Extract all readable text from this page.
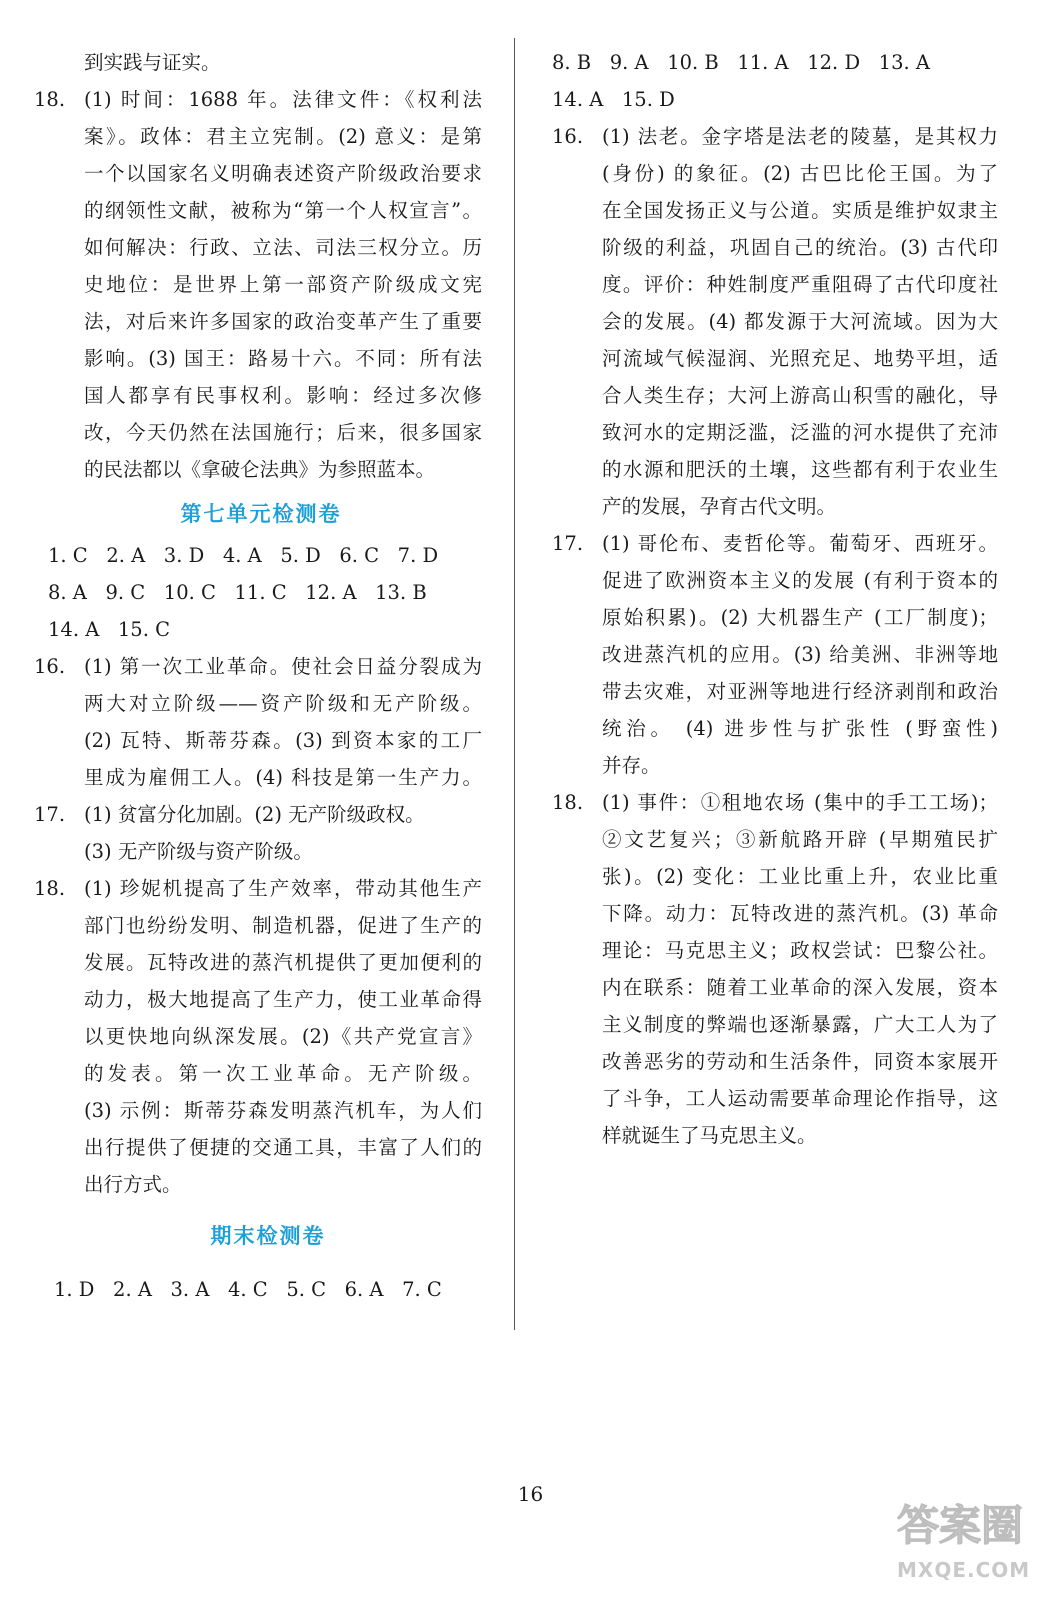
到实践与证实。
18. (1) 时间：1688 年。法律文件：《权利法
案》。政体：君主立宪制。(2) 意义：是第
一个以国家名义明确表述资产阶级政治要求
的纲领性文献，被称为“第一个人权宣言”。
如何解决：行政、立法、司法三权分立。历
史地位：是世界上第一部资产阶级成文宪
法，对后来许多国家的政治变革产生了重要
影响。(3) 国王：路易十六。不同：所有法
国人都享有民事权利。影响：经过多次修
改，今天仍然在法国施行；后来，很多国家
的民法都以《拿破仑法典》为参照蓝本。
第七单元检测卷
1. C   2. A   3. D   4. A   5. D   6. C   7. D
8. A   9. C   10. C   11. C   12. A   13. B
14. A   15. C
16. (1) 第一次工业革命。使社会日益分裂成为
两大对立阶级——资产阶级和无产阶级。
(2) 瓦特、斯蒂芬森。(3) 到资本家的工厂
里成为雇佣工人。(4) 科技是第一生产力。
17. (1) 贫富分化加剧。(2) 无产阶级政权。
(3) 无产阶级与资产阶级。
18. (1) 珍妮机提高了生产效率，带动其他生产
部门也纷纷发明、制造机器，促进了生产的
发展。瓦特改进的蒸汽机提供了更加便利的
动力，极大地提高了生产力，使工业革命得
以更快地向纵深发展。(2)《共产党宣言》
的发表。第一次工业革命。无产阶级。
(3) 示例：斯蒂芬森发明蒸汽机车，为人们
出行提供了便捷的交通工具，丰富了人们的
出行方式。
期末检测卷
1. D   2. A   3. A   4. C   5. C   6. A   7. C
8. B   9. A   10. B   11. A   12. D   13. A
14. A   15. D
16. (1) 法老。金字塔是法老的陵墓，是其权力
(身份) 的象征。(2) 古巴比伦王国。为了
在全国发扬正义与公道。实质是维护奴隶主
阶级的利益，巩固自己的统治。(3) 古代印
度。评价：种姓制度严重阻碍了古代印度社
会的发展。(4) 都发源于大河流域。因为大
河流域气候湿润、光照充足、地势平坦，适
合人类生存；大河上游高山积雪的融化，导
致河水的定期泛滥，泛滥的河水提供了充沛
的水源和肥沃的土壤，这些都有利于农业生
产的发展，孕育古代文明。
17. (1) 哥伦布、麦哲伦等。葡萄牙、西班牙。
促进了欧洲资本主义的发展 (有利于资本的
原始积累)。(2) 大机器生产 (工厂制度)；
改进蒸汽机的应用。(3) 给美洲、非洲等地
带去灾难，对亚洲等地进行经济剥削和政治
统治。 (4) 进步性与扩张性 (野蛮性)
并存。
18. (1) 事件：①租地农场 (集中的手工工场)；
②文艺复兴；③新航路开辟 (早期殖民扩
张)。(2) 变化：工业比重上升，农业比重
下降。动力：瓦特改进的蒸汽机。(3) 革命
理论：马克思主义；政权尝试：巴黎公社。
内在联系：随着工业革命的深入发展，资本
主义制度的弊端也逐渐暴露，广大工人为了
改善恶劣的劳动和生活条件，同资本家展开
了斗争，工人运动需要革命理论作指导，这
样就诞生了马克思主义。
16
答案圈
MXQE.COM
